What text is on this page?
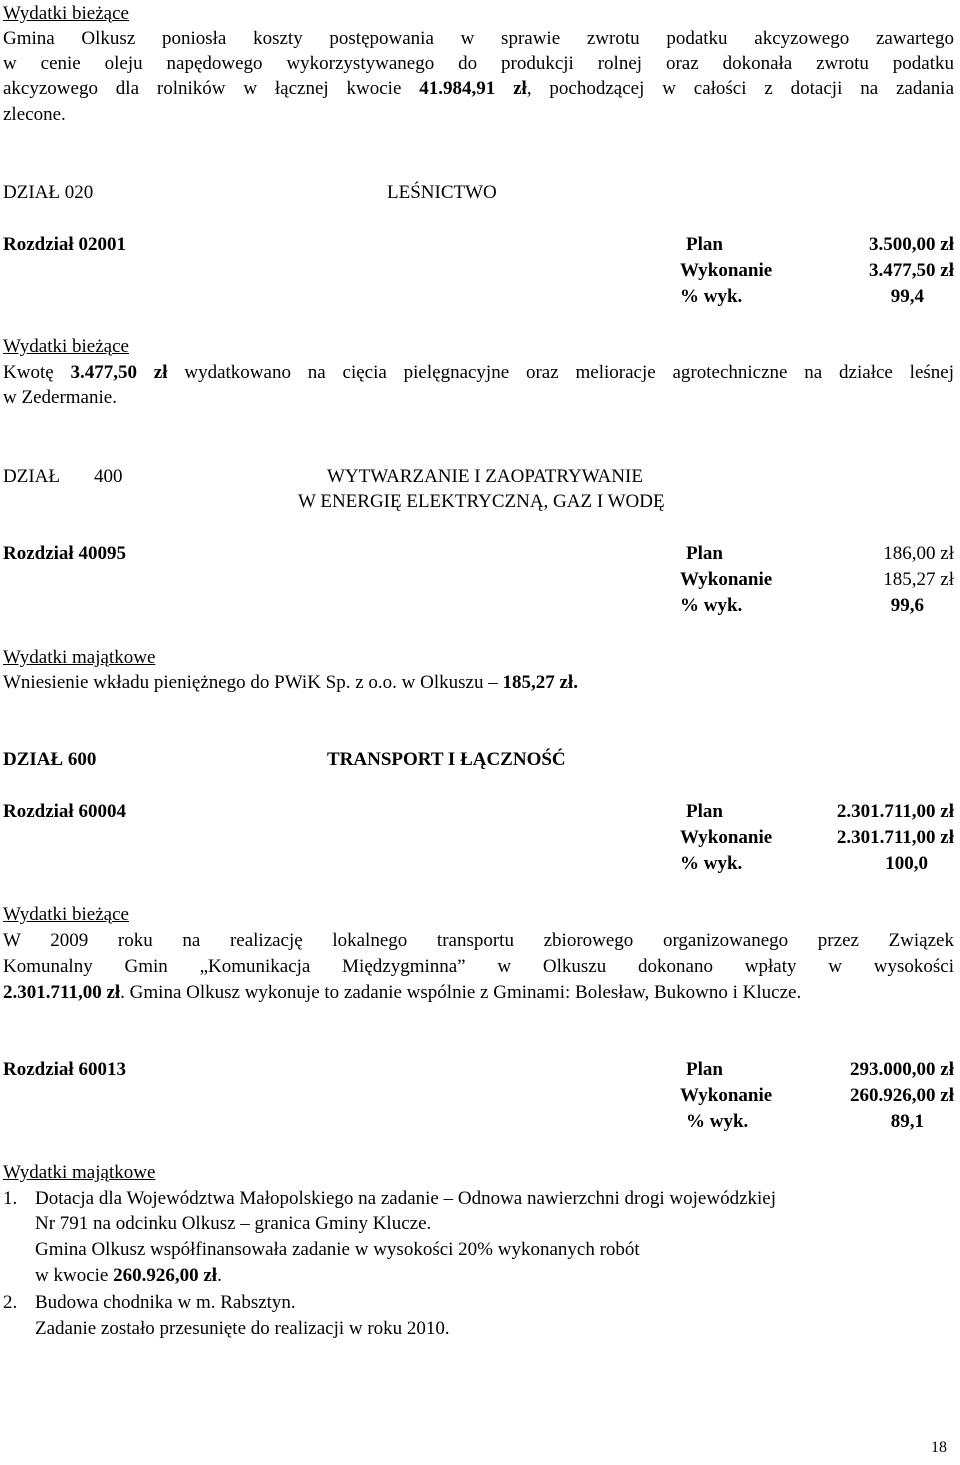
Wydatki bieżące
Gmina Olkusz poniosła koszty postępowania w sprawie zwrotu podatku akcyzowego zawartego
w cenie oleju napędowego wykorzystywanego do produkcji rolnej oraz dokonała zwrotu podatku
akcyzowego dla rolników w łącznej kwocie 41.984,91 zł, pochodzącej w całości z dotacji na zadania
zlecone.
DZIAŁ 020	LEŚNICTWO
Rozdział 02001	Plan	3.500,00 zł
Wykonanie	3.477,50 zł
% wyk.	99,4
Wydatki bieżące
Kwotę 3.477,50 zł wydatkowano na cięcia pielęgnacyjne oraz melioracje agrotechniczne na działce leśnej
w Zedermanie.
DZIAŁ 400	WYTWARZANIE I ZAOPATRYWANIE
W ENERGIĘ ELEKTRYCZNĄ, GAZ I WODĘ
Rozdział 40095	Plan	186,00 zł
Wykonanie	185,27 zł
% wyk.	99,6
Wydatki majątkowe
Wniesienie wkładu pieniężnego do PWiK Sp. z o.o. w Olkuszu – 185,27 zł.
DZIAŁ 600	TRANSPORT I ŁĄCZNOŚĆ
Rozdział 60004	Plan	2.301.711,00 zł
Wykonanie	2.301.711,00 zł
% wyk.	100,0
Wydatki bieżące
W 2009 roku na realizację lokalnego transportu zbiorowego organizowanego przez Związek
Komunalny Gmin „Komunikacja Międzygminna” w Olkuszu dokonano wpłaty w wysokości
2.301.711,00 zł. Gmina Olkusz wykonuje to zadanie wspólnie z Gminami: Bolesław, Bukowno i Klucze.
Rozdział 60013	Plan	293.000,00 zł
Wykonanie	260.926,00 zł
% wyk.	89,1
Wydatki majątkowe
1. Dotacja dla Województwa Małopolskiego na zadanie – Odnowa nawierzchni drogi wojewódzkiej
Nr 791 na odcinku Olkusz – granica Gminy Klucze.
Gmina Olkusz współfinansowała zadanie w wysokości 20% wykonanych robót
w kwocie 260.926,00 zł.
2. Budowa chodnika w m. Rabsztyn.
Zadanie zostało przesunięte do realizacji w roku 2010.
18
